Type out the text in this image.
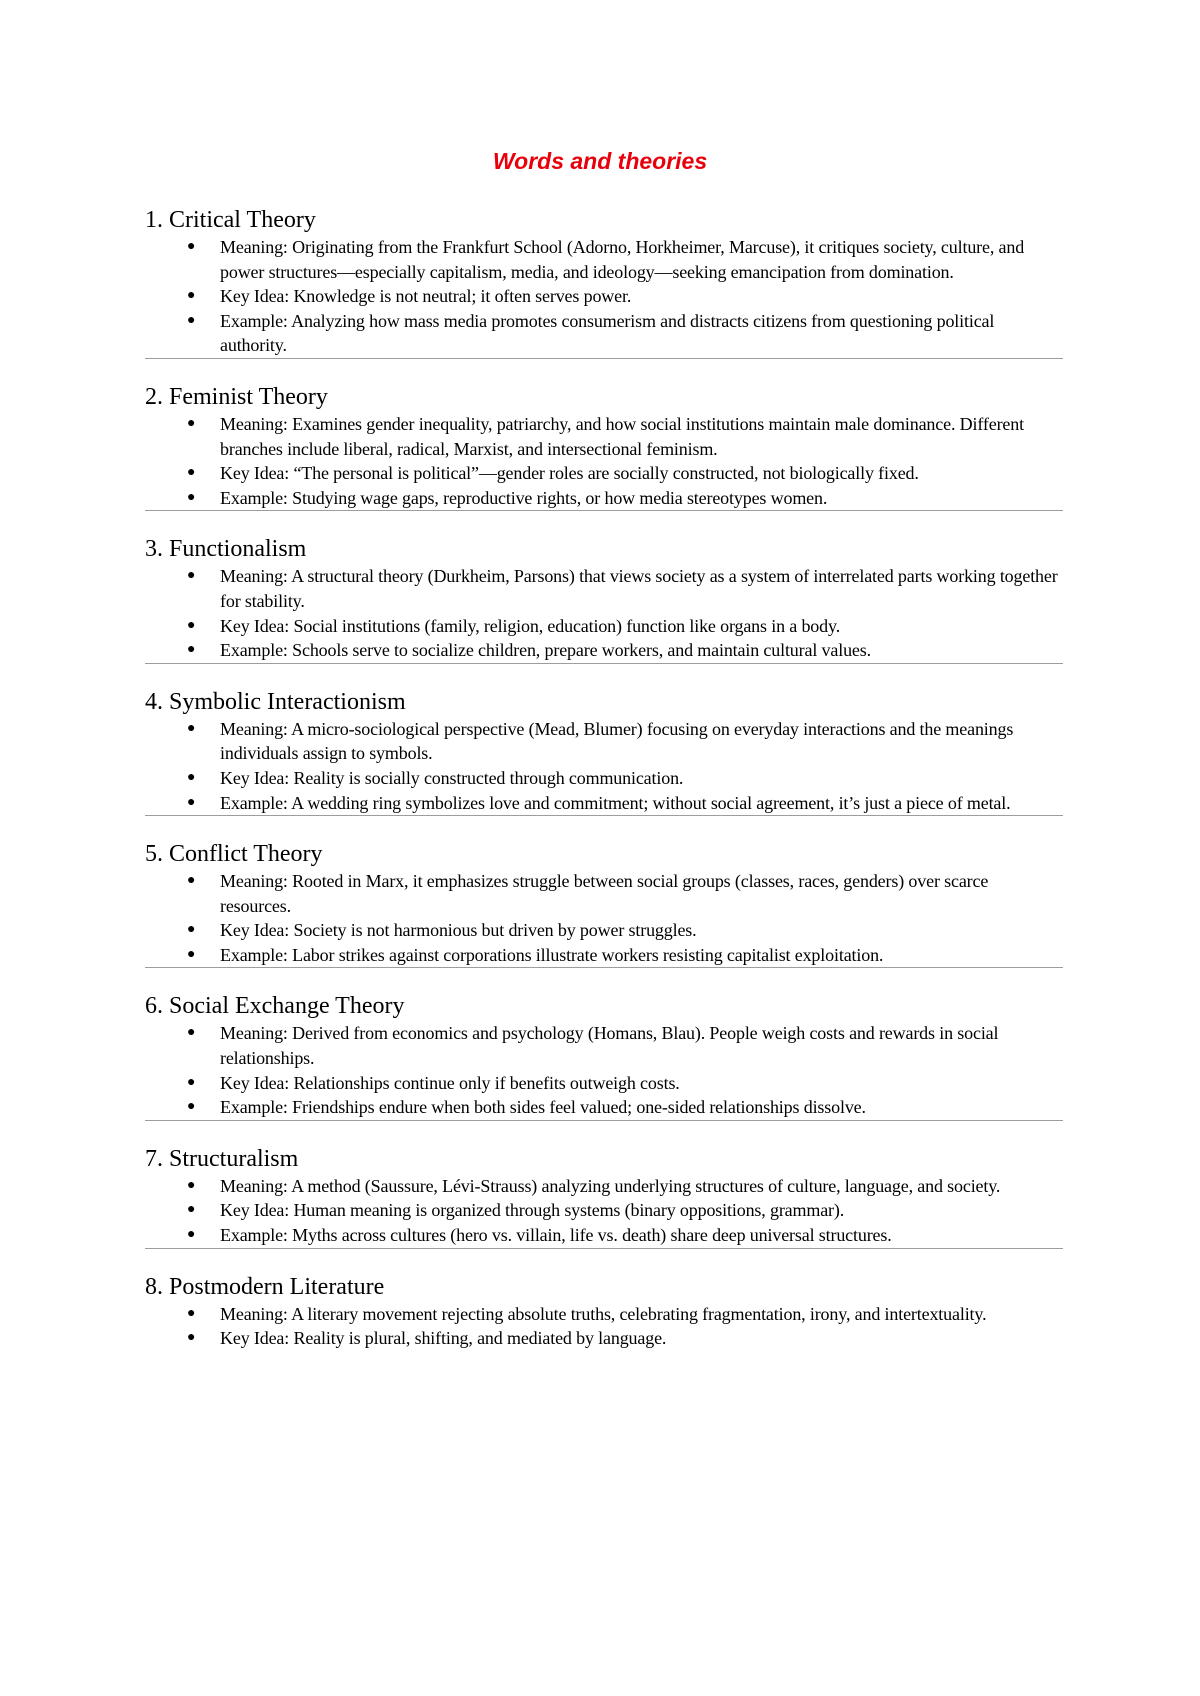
Words and theories
1. Critical Theory
● Meaning: Originating from the Frankfurt School (Adorno, Horkheimer, Marcuse), it critiques society, culture, and power structures—especially capitalism, media, and ideology—seeking emancipation from domination.
● Key Idea: Knowledge is not neutral; it often serves power.
● Example: Analyzing how mass media promotes consumerism and distracts citizens from questioning political authority.
2. Feminist Theory
● Meaning: Examines gender inequality, patriarchy, and how social institutions maintain male dominance. Different branches include liberal, radical, Marxist, and intersectional feminism.
● Key Idea: “The personal is political”—gender roles are socially constructed, not biologically fixed.
● Example: Studying wage gaps, reproductive rights, or how media stereotypes women.
3. Functionalism
● Meaning: A structural theory (Durkheim, Parsons) that views society as a system of interrelated parts working together for stability.
● Key Idea: Social institutions (family, religion, education) function like organs in a body.
● Example: Schools serve to socialize children, prepare workers, and maintain cultural values.
4. Symbolic Interactionism
● Meaning: A micro-sociological perspective (Mead, Blumer) focusing on everyday interactions and the meanings individuals assign to symbols.
● Key Idea: Reality is socially constructed through communication.
● Example: A wedding ring symbolizes love and commitment; without social agreement, it’s just a piece of metal.
5. Conflict Theory
● Meaning: Rooted in Marx, it emphasizes struggle between social groups (classes, races, genders) over scarce resources.
● Key Idea: Society is not harmonious but driven by power struggles.
● Example: Labor strikes against corporations illustrate workers resisting capitalist exploitation.
6. Social Exchange Theory
● Meaning: Derived from economics and psychology (Homans, Blau). People weigh costs and rewards in social relationships.
● Key Idea: Relationships continue only if benefits outweigh costs.
● Example: Friendships endure when both sides feel valued; one-sided relationships dissolve.
7. Structuralism
● Meaning: A method (Saussure, Lévi-Strauss) analyzing underlying structures of culture, language, and society.
● Key Idea: Human meaning is organized through systems (binary oppositions, grammar).
● Example: Myths across cultures (hero vs. villain, life vs. death) share deep universal structures.
8. Postmodern Literature
● Meaning: A literary movement rejecting absolute truths, celebrating fragmentation, irony, and intertextuality.
● Key Idea: Reality is plural, shifting, and mediated by language.
